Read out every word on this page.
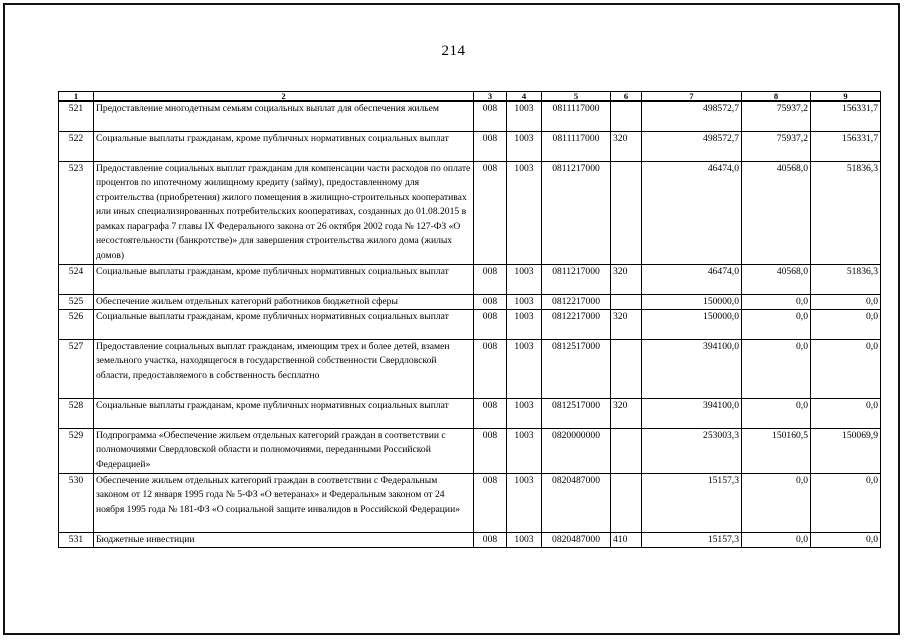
214
1	2	3	4	5	6	7	8	9
521	Предоставление многодетным семьям социальных выплат для обеспечения жильем	008	1003	0811117000		498572,7	75937,2	156331,7
522	Социальные выплаты гражданам, кроме публичных нормативных социальных выплат	008	1003	0811117000	320	498572,7	75937,2	156331,7
523	Предоставление социальных выплат гражданам для компенсации части расходов по оплате процентов по ипотечному жилищному кредиту (займу), предоставленному для строительства (приобретения) жилого помещения в жилищно-строительных кооперативах или иных специализированных потребительских кооперативах, созданных до 01.08.2015 в рамках параграфа 7 главы IX Федерального закона от 26 октября 2002 года № 127-ФЗ «О несостоятельности (банкротстве)» для завершения строительства жилого дома (жилых домов)	008	1003	0811217000		46474,0	40568,0	51836,3
524	Социальные выплаты гражданам, кроме публичных нормативных социальных выплат	008	1003	0811217000	320	46474,0	40568,0	51836,3
525	Обеспечение жильем отдельных категорий работников бюджетной сферы	008	1003	0812217000		150000,0	0,0	0,0
526	Социальные выплаты гражданам, кроме публичных нормативных социальных выплат	008	1003	0812217000	320	150000,0	0,0	0,0
527	Предоставление социальных выплат гражданам, имеющим трех и более детей, взамен земельного участка, находящегося в государственной собственности Свердловской области, предоставляемого в собственность бесплатно	008	1003	0812517000		394100,0	0,0	0,0
528	Социальные выплаты гражданам, кроме публичных нормативных социальных выплат	008	1003	0812517000	320	394100,0	0,0	0,0
529	Подпрограмма «Обеспечение жильем отдельных категорий граждан в соответствии с полномочиями Свердловской области и полномочиями, переданными Российской Федерацией»	008	1003	0820000000		253003,3	150160,5	150069,9
530	Обеспечение жильем отдельных категорий граждан в соответствии с Федеральным законом от 12 января 1995 года № 5-ФЗ «О ветеранах» и Федеральным законом от 24 ноября 1995 года № 181-ФЗ «О социальной защите инвалидов в Российской Федерации»	008	1003	0820487000		15157,3	0,0	0,0
531	Бюджетные инвестиции	008	1003	0820487000	410	15157,3	0,0	0,0
